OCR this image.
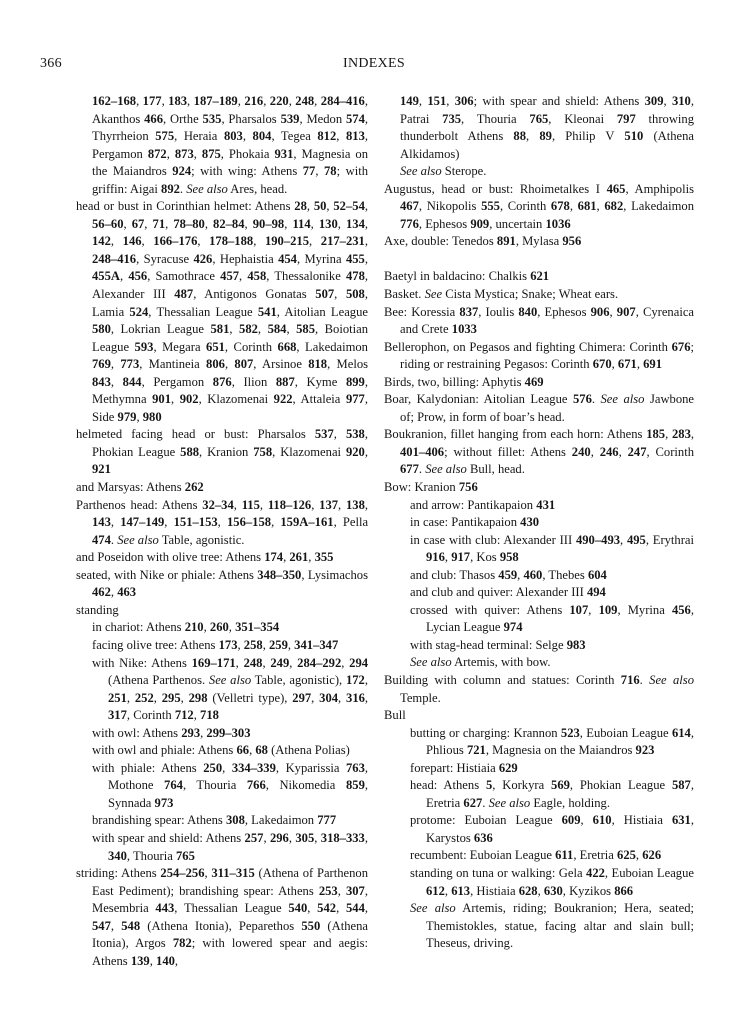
366	INDEXES
162–168, 177, 183, 187–189, 216, 220, 248, 284–416, Akanthos 466, Orthe 535, Pharsalos 539, Medon 574, Thyrrheion 575, Heraia 803, 804, Tegea 812, 813, Pergamon 872, 873, 875, Phokaia 931, Magnesia on the Maiandros 924; with wing: Athens 77, 78; with griffin: Aigai 892. See also Ares, head.
head or bust in Corinthian helmet: Athens 28, 50, 52–54, 56–60, 67, 71, 78–80, 82–84, 90–98, 114, 130, 134, 142, 146, 166–176, 178–188, 190–215, 217–231, 248–416, Syracuse 426, Hephaistia 454, Myrina 455, 455A, 456, Samothrace 457, 458, Thessalonike 478, Alexander III 487, Antigonos Gonatas 507, 508, Lamia 524, Thessalian League 541, Aitolian League 580, Lokrian League 581, 582, 584, 585, Boiotian League 593, Megara 651, Corinth 668, Lakedaimon 769, 773, Mantineia 806, 807, Arsinoe 818, Melos 843, 844, Pergamon 876, Ilion 887, Kyme 899, Methymna 901, 902, Klazomenai 922, Attaleia 977, Side 979, 980
helmeted facing head or bust: Pharsalos 537, 538, Phokian League 588, Kranion 758, Klazomenai 920, 921
and Marsyas: Athens 262
Parthenos head: Athens 32–34, 115, 118–126, 137, 138, 143, 147–149, 151–153, 156–158, 159A–161, Pella 474. See also Table, agonistic.
and Poseidon with olive tree: Athens 174, 261, 355
seated, with Nike or phiale: Athens 348–350, Lysimachos 462, 463
standing
in chariot: Athens 210, 260, 351–354
facing olive tree: Athens 173, 258, 259, 341–347
with Nike: Athens 169–171, 248, 249, 284–292, 294 (Athena Parthenos. See also Table, agonistic), 172, 251, 252, 295, 298 (Velletri type), 297, 304, 316, 317, Corinth 712, 718
with owl: Athens 293, 299–303
with owl and phiale: Athens 66, 68 (Athena Polias)
with phiale: Athens 250, 334–339, Kyparissia 763, Mothone 764, Thouria 766, Nikomedia 859, Synnada 973
brandishing spear: Athens 308, Lakedaimon 777
with spear and shield: Athens 257, 296, 305, 318–333, 340, Thouria 765
striding: Athens 254–256, 311–315 (Athena of Parthenon East Pediment); brandishing spear: Athens 253, 307, Mesembria 443, Thessalian League 540, 542, 544, 547, 548 (Athena Itonia), Peparethos 550 (Athena Itonia), Argos 782; with lowered spear and aegis: Athens 139, 140,
149, 151, 306; with spear and shield: Athens 309, 310, Patrai 735, Thouria 765, Kleonai 797 throwing thunderbolt Athens 88, 89, Philip V 510 (Athena Alkidamos)
See also Sterope.
Augustus, head or bust: Rhoimetalkes I 465, Amphipolis 467, Nikopolis 555, Corinth 678, 681, 682, Lakedaimon 776, Ephesos 909, uncertain 1036
Axe, double: Tenedos 891, Mylasa 956
Baetyl in baldacino: Chalkis 621
Basket. See Cista Mystica; Snake; Wheat ears.
Bee: Koressia 837, Ioulis 840, Ephesos 906, 907, Cyrenaica and Crete 1033
Bellerophon, on Pegasos and fighting Chimera: Corinth 676; riding or restraining Pegasos: Corinth 670, 671, 691
Birds, two, billing: Aphytis 469
Boar, Kalydonian: Aitolian League 576. See also Jawbone of; Prow, in form of boar’s head.
Boukranion, fillet hanging from each horn: Athens 185, 283, 401–406; without fillet: Athens 240, 246, 247, Corinth 677. See also Bull, head.
Bow: Kranion 756
and arrow: Pantikapaion 431
in case: Pantikapaion 430
in case with club: Alexander III 490–493, 495, Erythrai 916, 917, Kos 958
and club: Thasos 459, 460, Thebes 604
and club and quiver: Alexander III 494
crossed with quiver: Athens 107, 109, Myrina 456, Lycian League 974
with stag-head terminal: Selge 983
See also Artemis, with bow.
Building with column and statues: Corinth 716. See also Temple.
Bull
butting or charging: Krannon 523, Euboian League 614, Phlious 721, Magnesia on the Maiandros 923
forepart: Histiaia 629
head: Athens 5, Korkyra 569, Phokian League 587, Eretria 627. See also Eagle, holding.
protome: Euboian League 609, 610, Histiaia 631, Karystos 636
recumbent: Euboian League 611, Eretria 625, 626
standing on tuna or walking: Gela 422, Euboian League 612, 613, Histiaia 628, 630, Kyzikos 866
See also Artemis, riding; Boukranion; Hera, seated; Themistokles, statue, facing altar and slain bull; Theseus, driving.
